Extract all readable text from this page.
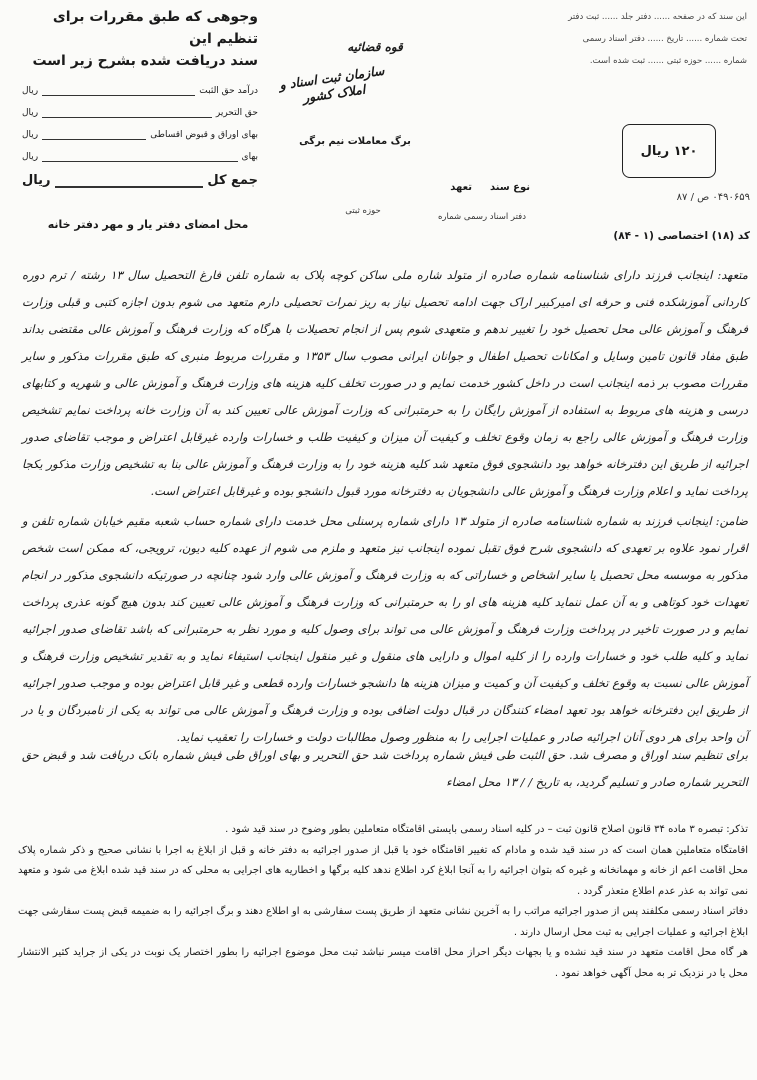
وجوهی که طبق مقررات برای تنظیم این
سند دریافت شده بشرح زیر است
درآمد حق الثبت
ریال
حق التحریر
ریال
بهای اوراق و قبوض اقساطی
ریال
بهای
ریال
جمع کل
ریال
محل امضای دفتر یار و مهر دفتر خانه
قوه قضائیه
سازمان ثبت اسناد و املاک کشور
برگ معاملات نیم برگی
نوع سند
تعهد
دفتر اسناد رسمی شماره
حوزه ثبتی
این سند که در صفحه ...... دفتر جلد ...... ثبت دفتر
تحت شماره ...... تاریخ ...... دفتر اسناد رسمی
شماره ...... حوزه ثبتی ...... ثبت شده است.
۱۲۰ ریال
۰۴۹۰۶۵۹ ص / ۸۷
کد (۱۸) اختصاصی (۱ - ۸۴)

متعهد: اینجانب فرزند دارای شناسنامه شماره صادره از متولد شاره ملی ساکن کوچه پلاک به شماره تلفن فارغ التحصیل سال ۱۳ رشته / ترم دوره کاردانی آموزشکده فنی و حرفه ای امیرکبیر اراک جهت ادامه تحصیل نیاز به ریز نمرات تحصیلی دارم متعهد می شوم بدون اجازه کتبی و قبلی وزارت فرهنگ و آموزش عالی محل تحصیل خود را تغییر ندهم و متعهدی شوم پس از انجام تحصیلات با هرگاه که وزارت فرهنگ و آموزش عالی مقتضی بداند طبق مفاد قانون تامین وسایل و امکانات تحصیل اطفال و جوانان ایرانی مصوب سال ۱۳۵۳ و مقررات مربوط منبری که طبق مقررات مذکور و سایر مقررات مصوب بر ذمه اینجانب است در داخل کشور خدمت نمایم و در صورت تخلف کلیه هزینه های وزارت فرهنگ و آموزش عالی و شهریه و کتابهای درسی و هزینه های مربوط به استفاده از آموزش رایگان را به حرمتبرانی که وزارت آموزش عالی تعیین کند به آن وزارت خانه پرداخت نمایم تشخیص وزارت فرهنگ و آموزش عالی راجع به زمان وقوع تخلف و کیفیت آن میزان و کیفیت طلب و خسارات وارده غیرقابل اعتراض و موجب تقاضای صدور اجرائیه از طریق این دفترخانه خواهد بود دانشجوی فوق متعهد شد کلیه هزینه خود را به وزارت فرهنگ و آموزش عالی بنا به تشخیص وزارت مذکور یکجا پرداخت نماید و اعلام وزارت فرهنگ و آموزش عالی دانشجویان به دفترخانه مورد قبول دانشجو بوده و غیرقابل اعتراض است.

ضامن: اینجانب فرزند به شماره شناسنامه صادره از متولد ۱۳ دارای شماره پرسنلی محل خدمت دارای شماره حساب شعبه مقیم خیابان شماره تلفن و اقرار نمود علاوه بر تعهدی که دانشجوی شرح فوق تقبل نموده اینجانب نیز متعهد و ملزم می شوم از عهده کلیه دیون، ترویجی، که ممکن است شخص مذکور به موسسه محل تحصیل یا سایر اشخاص و خساراتی که به وزارت فرهنگ و آموزش عالی وارد شود چنانچه در صورتیکه دانشجوی مذکور در انجام تعهدات خود کوتاهی و به آن عمل ننماید کلیه هزینه های او را به حرمتبرانی که وزارت فرهنگ و آموزش عالی تعیین کند بدون هیچ گونه عذری پرداخت نمایم و در صورت تاخیر در پرداخت وزارت فرهنگ و آموزش عالی می تواند برای وصول کلیه و مورد نظر به حرمتبرانی که باشد تقاضای صدور اجرائیه نماید و کلیه طلب خود و خسارات وارده را از کلیه اموال و دارایی های منقول و غیر منقول اینجانب استیفاء نماید و به تقدیر تشخیص وزارت فرهنگ و آموزش عالی نسبت به وقوع تخلف و کیفیت آن و کمیت و میزان هزینه ها دانشجو خسارات وارده قطعی و غیر قابل اعتراض بوده و موجب صدور اجرائیه از طریق این دفترخانه خواهد بود تعهد امضاء کنندگان در قبال دولت اضافی بوده و وزارت فرهنگ و آموزش عالی می تواند به یکی از نامبردگان و یا در آن واحد برای هر دوی آنان اجرائیه صادر و عملیات اجرایی را به منظور وصول مطالبات دولت و خسارات را تعقیب نماید.

برای تنظیم سند اوراق و مصرف شد. حق الثبت طی فیش شماره پرداخت شد حق التحریر و بهای اوراق طی فیش شماره بانک دریافت شد و قبض حق التحریر شماره صادر و تسلیم گردید، به تاریخ / / ۱۳ محل امضاء

تذکر: تبصره ۳ ماده ۳۴ قانون اصلاح قانون ثبت – در کلیه اسناد رسمی بایستی اقامتگاه متعاملین بطور وضوح در سند قید شود .

اقامتگاه متعاملین همان است که در سند قید شده و مادام که تغییر اقامتگاه خود یا قبل از صدور اجرائیه به دفتر خانه و قبل از ابلاغ به اجرا با نشانی صحیح و ذکر شماره پلاک محل اقامت اعم از خانه و مهمانخانه و غیره که بتوان اجرائیه را به آنجا ابلاغ کرد اطلاع ندهد کلیه برگها و اخطاریه های اجرایی به محلی که در سند قید شده ابلاغ می شود و متعهد نمی تواند به عذر عدم اطلاع متعذر گردد .

دفاتر اسناد رسمی مکلفند پس از صدور اجرائیه مراتب را به آخرین نشانی متعهد از طریق پست سفارشی به او اطلاع دهند و برگ اجرائیه را به ضمیمه قبض پست سفارشی جهت ابلاغ اجرائیه و عملیات اجرایی به ثبت محل ارسال دارند .

هر گاه محل اقامت متعهد در سند قید نشده و یا بجهات دیگر احراز محل اقامت میسر نباشد ثبت محل موضوع اجرائیه را بطور اختصار یک نوبت در یکی از جراید کثیر الانتشار محل یا در نزدیک تر به محل آگهی خواهد نمود .
